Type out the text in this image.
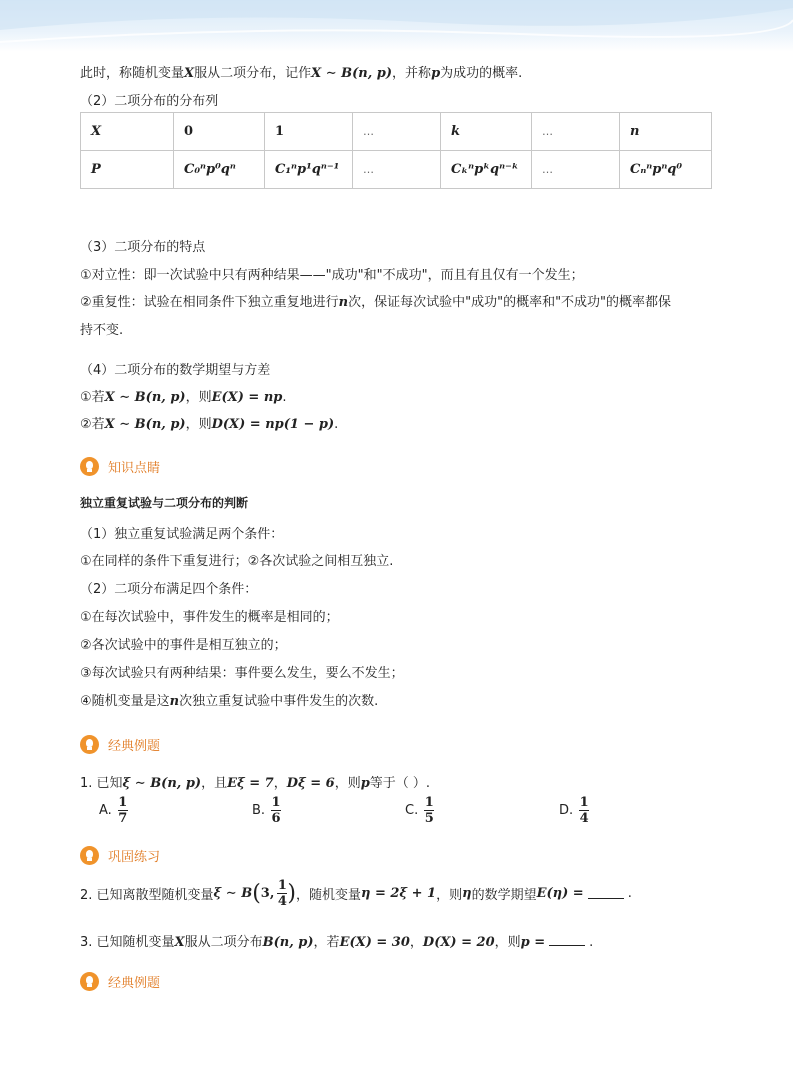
此时，称随机变量X服从二项分布，记作X ∼ B(n, p)，并称p为成功的概率.
（2）二项分布的分布列
X	0	1	…	k	…	n
P	C₀ⁿp⁰qⁿ	C₁ⁿp¹qⁿ⁻¹	…	Cₖⁿpᵏqⁿ⁻ᵏ	…	Cₙⁿpⁿq⁰
（3）二项分布的特点
①对立性：即一次试验中只有两种结果——"成功"和"不成功"，而且有且仅有一个发生；
②重复性：试验在相同条件下独立重复地进行n次，保证每次试验中"成功"的概率和"不成功"的概率都保
持不变.
（4）二项分布的数学期望与方差
①若X ∼ B(n, p)，则E(X) = np.
②若X ∼ B(n, p)，则D(X) = np(1 − p).
知识点睛
独立重复试验与二项分布的判断
（1）独立重复试验满足两个条件：
①在同样的条件下重复进行；②各次试验之间相互独立.
（2）二项分布满足四个条件：
①在每次试验中，事件发生的概率是相同的；
②各次试验中的事件是相互独立的；
③每次试验只有两种结果：事件要么发生，要么不发生；
④随机变量是这n次独立重复试验中事件发生的次数.
经典例题
1. 已知ξ ∼ B(n, p)，且Eξ = 7，Dξ = 6，则p等于（ ）.
A. $\frac{1}{7}$	B. $\frac{1}{6}$	C. $\frac{1}{5}$	D. $\frac{1}{4}$
巩固练习
2. 已知离散型随机变量 ξ ∼ B ( 3, $\frac{1}{4}$ ) ，随机变量 η = 2ξ + 1 ，则 η 的数学期望 E(η) =	.
3. 已知随机变量X服从二项分布B(n, p)，若E(X) = 30，D(X) = 20，则p =	.
经典例题
